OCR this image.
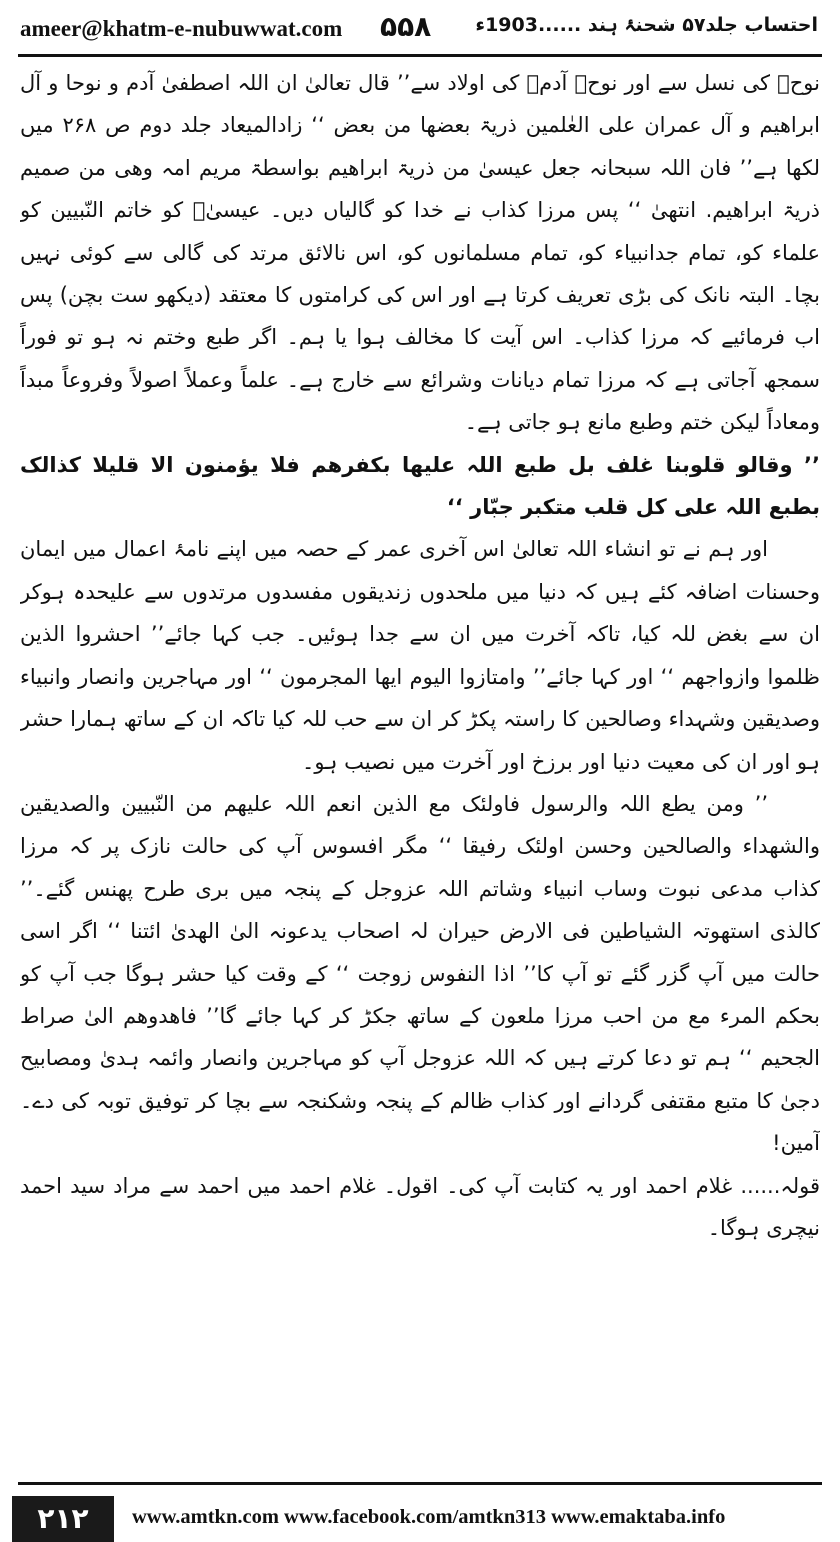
ameer@khatm-e-nubuwwat.com ۵۵۸ احتساب جلد۵۷ شحنۂ ہند ......1903ء

نوحؑ کی نسل سے اور نوحؑ آدمؑ کی اولاد سے’’ قال تعالیٰ ان اللہ اصطفیٰ آدم و نوحا و آل ابراھیم و آل عمران علی العٰلمین ذریۃ بعضھا من بعض ‘‘ زادالمیعاد جلد دوم ص ۲۶۸ میں لکھا ہے’’ فان اللہ سبحانہ جعل عیسیٰ من ذریۃ ابراھیم بواسطۃ مریم امہ وھی من صمیم ذریۃ ابراھیم. انتھیٰ ‘‘ پس مرزا کذاب نے خدا کو گالیاں دیں۔ عیسیٰؑ کو خاتم النّبیین کو علماء کو، تمام جدانبیاء کو، تمام مسلمانوں کو، اس نالائق مرتد کی گالی سے کوئی نہیں بچا۔ البتہ نانک کی بڑی تعریف کرتا ہے اور اس کی کرامتوں کا معتقد (دیکھو ست بچن) پس اب فرمائیے کہ مرزا کذاب۔ اس آیت کا مخالف ہوا یا ہم۔ اگر طبع وختم نہ ہو تو فوراً سمجھ آجاتی ہے کہ مرزا تمام دیانات وشرائع سے خارج ہے۔ علماً وعملاً اصولاً وفروعاً مبداً ومعاداً لیکن ختم وطبع مانع ہو جاتی ہے۔

’’ وقالو قلوبنا غلف بل طبع اللہ علیھا بکفرھم فلا یؤمنون الا قلیلا کذالک بطبع اللہ علی کل قلب متکبر جبّار ‘‘

اور ہم نے تو انشاء اللہ تعالیٰ اس آخری عمر کے حصہ میں اپنے نامۂ اعمال میں ایمان وحسنات اضافہ کئے ہیں کہ دنیا میں ملحدوں زندیقوں مفسدوں مرتدوں سے علیحدہ ہوکر ان سے بغض للہ کیا، تاکہ آخرت میں ان سے جدا ہوئیں۔ جب کہا جائے’’ احشروا الذین ظلموا وازواجھم ‘‘ اور کہا جائے’’ وامتازوا الیوم ایھا المجرمون ‘‘ اور مہاجرین وانصار وانبیاء وصدیقین وشہداء وصالحین کا راستہ پکڑ کر ان سے حب للہ کیا تاکہ ان کے ساتھ ہمارا حشر ہو اور ان کی معیت دنیا اور برزخ اور آخرت میں نصیب ہو۔

’’ ومن یطع اللہ والرسول فاولئک مع الذین انعم اللہ علیھم من النّبیین والصدیقین والشھداء والصالحین وحسن اولئک رفیقا ‘‘ مگر افسوس آپ کی حالت نازک پر کہ مرزا کذاب مدعی نبوت وساب انبیاء وشاتم اللہ عزوجل کے پنجہ میں بری طرح پھنس گئے۔’’ کالذی استھوتہ الشیاطین فی الارض حیران لہ اصحاب یدعونہ الیٰ الھدیٰ ائتنا ‘‘ اگر اسی حالت میں آپ گزر گئے تو آپ کا’’ اذا النفوس زوجت ‘‘ کے وقت کیا حشر ہوگا جب آپ کو بحکم المرء مع من احب مرزا ملعون کے ساتھ جکڑ کر کہا جائے گا’’ فاھدوھم الیٰ صراط الجحیم ‘‘ ہم تو دعا کرتے ہیں کہ اللہ عزوجل آپ کو مہاجرین وانصار وائمہ ہدیٰ ومصابیح دجیٰ کا متبع مقتفی گردانے اور کذاب ظالم کے پنجہ وشکنجہ سے بچا کر توفیق توبہ کی دے۔ آمین!

قولہ...... غلام احمد اور یہ کتابت آپ کی۔ اقول۔ غلام احمد میں احمد سے مراد سید احمد نیچری ہوگا۔

۲۱۲	www.amtkn.com www.facebook.com/amtkn313 www.emaktaba.info
